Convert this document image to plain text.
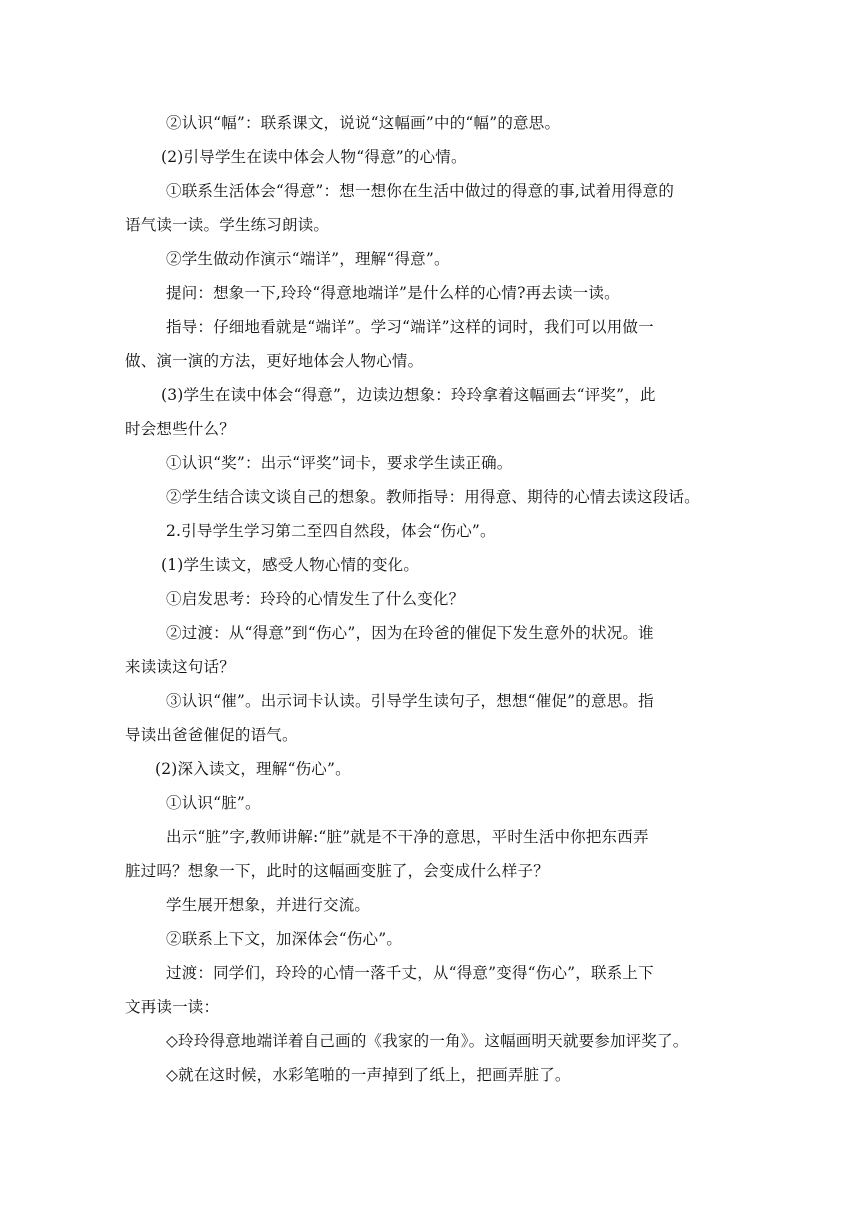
②认识“幅”：联系课文，说说“这幅画”中的“幅”的意思。
(2)引导学生在读中体会人物“得意”的心情。
①联系生活体会“得意”：想一想你在生活中做过的得意的事,试着用得意的
语气读一读。学生练习朗读。
②学生做动作演示“端详”，理解“得意”。
提问：想象一下,玲玲“得意地端详”是什么样的心情?再去读一读。
指导：仔细地看就是“端详”。学习“端详”这样的词时，我们可以用做一
做、演一演的方法，更好地体会人物心情。
(3)学生在读中体会“得意”，边读边想象：玲玲拿着这幅画去“评奖”，此
时会想些什么？
①认识“奖”：出示“评奖”词卡，要求学生读正确。
②学生结合读文谈自己的想象。教师指导：用得意、期待的心情去读这段话。
2.引导学生学习第二至四自然段，体会“伤心”。
(1)学生读文，感受人物心情的变化。
①启发思考：玲玲的心情发生了什么变化？
②过渡：从“得意”到“伤心”，因为在玲爸的催促下发生意外的状况。谁
来读读这句话？
③认识“催”。出示词卡认读。引导学生读句子，想想“催促”的意思。指
导读出爸爸催促的语气。
(2)深入读文，理解“伤心”。
①认识“脏”。
出示“脏”字,教师讲解:“脏”就是不干净的意思，平时生活中你把东西弄
脏过吗？想象一下，此时的这幅画变脏了，会变成什么样子？
学生展开想象，并进行交流。
②联系上下文，加深体会“伤心”。
过渡：同学们，玲玲的心情一落千丈，从“得意”变得“伤心”，联系上下
文再读一读：
◇玲玲得意地端详着自己画的《我家的一角》。这幅画明天就要参加评奖了。
◇就在这时候，水彩笔啪的一声掉到了纸上，把画弄脏了。
